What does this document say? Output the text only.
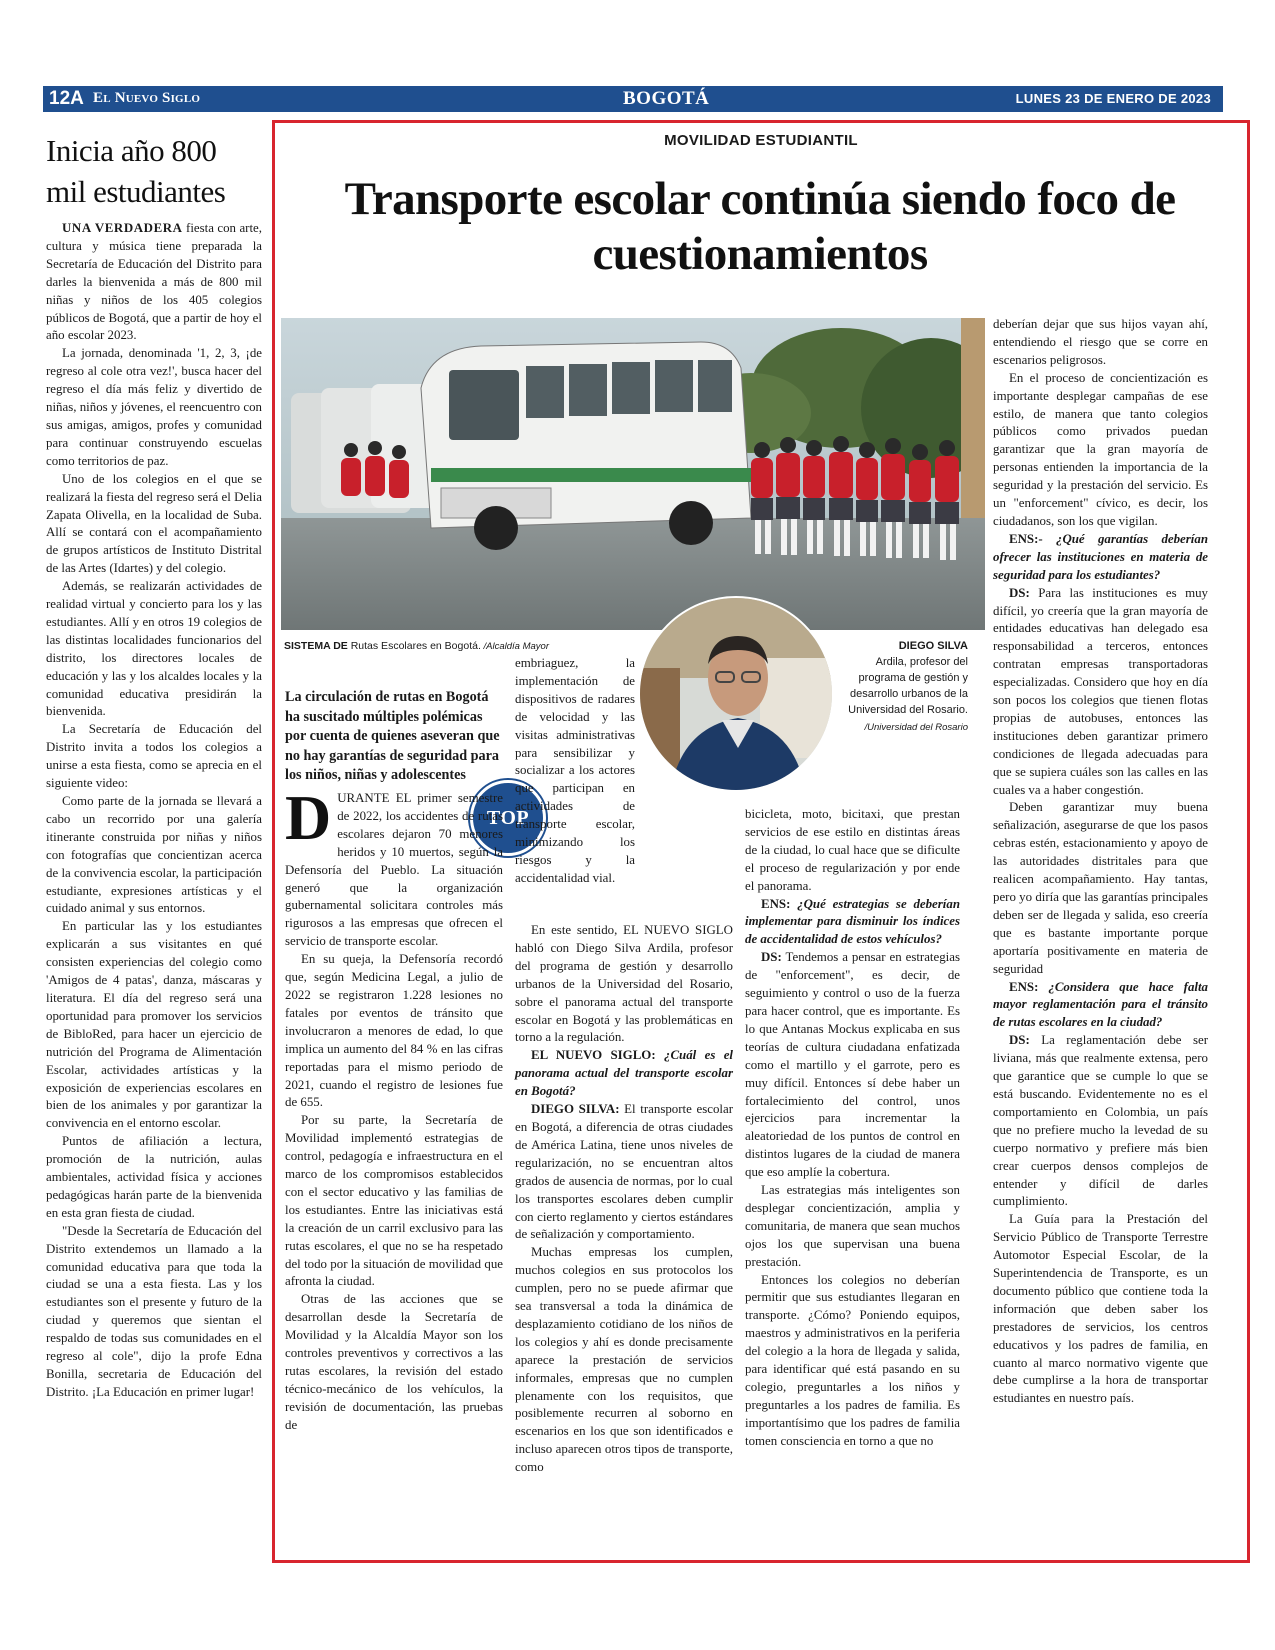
12A El Nuevo Siglo	BOGOTÁ	LUNES 23 DE ENERO DE 2023
Inicia año 800 mil estudiantes

UNA VERDADERA fiesta con arte, cultura y música tiene preparada la Secretaría de Educación del Distrito para darles la bienvenida a más de 800 mil niñas y niños de los 405 colegios públicos de Bogotá, que a partir de hoy el año escolar 2023.

La jornada, denominada '1, 2, 3, ¡de regreso al cole otra vez!', busca hacer del regreso el día más feliz y divertido de niñas, niños y jóvenes, el reencuentro con sus amigas, amigos, profes y comunidad para continuar construyendo escuelas como territorios de paz.

Uno de los colegios en el que se realizará la fiesta del regreso será el Delia Zapata Olivella, en la localidad de Suba. Allí se contará con el acompañamiento de grupos artísticos de Instituto Distrital de las Artes (Idartes) y del colegio.

Además, se realizarán actividades de realidad virtual y concierto para los y las estudiantes. Allí y en otros 19 colegios de las distintas localidades funcionarios del distrito, los directores locales de educación y las y los alcaldes locales y la comunidad educativa presidirán la bienvenida.

La Secretaría de Educación del Distrito invita a todos los colegios a unirse a esta fiesta, como se aprecia en el siguiente video:

Como parte de la jornada se llevará a cabo un recorrido por una galería itinerante construida por niñas y niños con fotografías que concientizan acerca de la convivencia escolar, la participación estudiante, expresiones artísticas y el cuidado animal y sus entornos.

En particular las y los estudiantes explicarán a sus visitantes en qué consisten experiencias del colegio como 'Amigos de 4 patas', danza, máscaras y literatura. El día del regreso será una oportunidad para promover los servicios de BibloRed, para hacer un ejercicio de nutrición del Programa de Alimentación Escolar, actividades artísticas y la exposición de experiencias escolares en bien de los animales y por garantizar la convivencia en el entorno escolar.

Puntos de afiliación a lectura, promoción de la nutrición, aulas ambientales, actividad física y acciones pedagógicas harán parte de la bienvenida en esta gran fiesta de ciudad.

"Desde la Secretaría de Educación del Distrito extendemos un llamado a la comunidad educativa para que toda la ciudad se una a esta fiesta. Las y los estudiantes son el presente y futuro de la ciudad y queremos que sientan el respaldo de todas sus comunidades en el regreso al cole", dijo la profe Edna Bonilla, secretaria de Educación del Distrito. ¡La Educación en primer lugar!

MOVILIDAD ESTUDIANTIL
Transporte escolar continúa siendo foco de cuestionamientos
SISTEMA DE Rutas Escolares en Bogotá. /Alcaldía Mayor	DIEGO SILVA
Ardila, profesor del programa de gestión y desarrollo urbanos de la Universidad del Rosario. /Universidad del Rosario
La circulación de rutas en Bogotá ha suscitado múltiples polémicas por cuenta de quienes aseveran que no hay garantías de seguridad para los niños, niñas y adolescentes
TOP

DURANTE EL primer semestre de 2022, los accidentes de rutas escolares dejaron 70 menores heridos y 10 muertos, según la Defensoría del Pueblo. La situación generó que la organización gubernamental solicitara controles más rigurosos a las empresas que ofrecen el servicio de transporte escolar.

En su queja, la Defensoría recordó que, según Medicina Legal, a julio de 2022 se registraron 1.228 lesiones no fatales por eventos de tránsito que involucraron a menores de edad, lo que implica un aumento del 84 % en las cifras reportadas para el mismo periodo de 2021, cuando el registro de lesiones fue de 655.

Por su parte, la Secretaría de Movilidad implementó estrategias de control, pedagogía e infraestructura en el marco de los compromisos establecidos con el sector educativo y las familias de los estudiantes. Entre las iniciativas está la creación de un carril exclusivo para las rutas escolares, el que no se ha respetado del todo por la situación de movilidad que afronta la ciudad.

Otras de las acciones que se desarrollan desde la Secretaría de Movilidad y la Alcaldía Mayor son los controles preventivos y correctivos a las rutas escolares, la revisión del estado técnico-mecánico de los vehículos, la revisión de documentación, las pruebas de

embriaguez, la implementación de dispositivos de radares de velocidad y las visitas administrativas para sensibilizar y socializar a los actores que participan en actividades de transporte escolar, minimizando los riesgos y la accidentalidad vial.

En este sentido, EL NUEVO SIGLO habló con Diego Silva Ardila, profesor del programa de gestión y desarrollo urbanos de la Universidad del Rosario, sobre el panorama actual del transporte escolar en Bogotá y las problemáticas en torno a la regulación.

EL NUEVO SIGLO: ¿Cuál es el panorama actual del transporte escolar en Bogotá?

DIEGO SILVA: El transporte escolar en Bogotá, a diferencia de otras ciudades de América Latina, tiene unos niveles de regularización, no se encuentran altos grados de ausencia de normas, por lo cual los transportes escolares deben cumplir con cierto reglamento y ciertos estándares de señalización y comportamiento.

Muchas empresas los cumplen, muchos colegios en sus protocolos los cumplen, pero no se puede afirmar que sea transversal a toda la dinámica de desplazamiento cotidiano de los niños de los colegios y ahí es donde precisamente aparece la prestación de servicios informales, empresas que no cumplen plenamente con los requisitos, que posiblemente recurren al soborno en escenarios en los que son identificados e incluso aparecen otros tipos de transporte, como

bicicleta, moto, bicitaxi, que prestan servicios de ese estilo en distintas áreas de la ciudad, lo cual hace que se dificulte el proceso de regularización y por ende el panorama.

ENS: ¿Qué estrategias se deberían implementar para disminuir los índices de accidentalidad de estos vehículos?

DS: Tendemos a pensar en estrategias de "enforcement", es decir, de seguimiento y control o uso de la fuerza para hacer control, que es importante. Es lo que Antanas Mockus explicaba en sus teorías de cultura ciudadana enfatizada como el martillo y el garrote, pero es muy difícil. Entonces sí debe haber un fortalecimiento del control, unos ejercicios para incrementar la aleatoriedad de los puntos de control en distintos lugares de la ciudad de manera que eso amplíe la cobertura.

Las estrategias más inteligentes son desplegar concientización, amplia y comunitaria, de manera que sean muchos ojos los que supervisan una buena prestación.

Entonces los colegios no deberían permitir que sus estudiantes llegaran en transporte. ¿Cómo? Poniendo equipos, maestros y administrativos en la periferia del colegio a la hora de llegada y salida, para identificar qué está pasando en su colegio, preguntarles a los niños y preguntarles a los padres de familia. Es importantísimo que los padres de familia tomen consciencia en torno a que no

deberían dejar que sus hijos vayan ahí, entendiendo el riesgo que se corre en escenarios peligrosos.

En el proceso de concientización es importante desplegar campañas de ese estilo, de manera que tanto colegios públicos como privados puedan garantizar que la gran mayoría de personas entienden la importancia de la seguridad y la prestación del servicio. Es un "enforcement" cívico, es decir, los ciudadanos, son los que vigilan.

ENS:- ¿Qué garantías deberían ofrecer las instituciones en materia de seguridad para los estudiantes?

DS: Para las instituciones es muy difícil, yo creería que la gran mayoría de entidades educativas han delegado esa responsabilidad a terceros, entonces contratan empresas transportadoras especializadas. Considero que hoy en día son pocos los colegios que tienen flotas propias de autobuses, entonces las instituciones deben garantizar primero condiciones de llegada adecuadas para que se supiera cuáles son las calles en las cuales va a haber congestión.

Deben garantizar muy buena señalización, asegurarse de que los pasos cebras estén, estacionamiento y apoyo de las autoridades distritales para que realicen acompañamiento. Hay tantas, pero yo diría que las garantías principales deben ser de llegada y salida, eso creería que es bastante importante porque aportaría positivamente en materia de seguridad

ENS: ¿Considera que hace falta mayor reglamentación para el tránsito de rutas escolares en la ciudad?

DS: La reglamentación debe ser liviana, más que realmente extensa, pero que garantice que se cumple lo que se está buscando. Evidentemente no es el comportamiento en Colombia, un país que no prefiere mucho la levedad de su cuerpo normativo y prefiere más bien crear cuerpos densos complejos de entender y difícil de darles cumplimiento.

La Guía para la Prestación del Servicio Público de Transporte Terrestre Automotor Especial Escolar, de la Superintendencia de Transporte, es un documento público que contiene toda la información que deben saber los prestadores de servicios, los centros educativos y los padres de familia, en cuanto al marco normativo vigente que debe cumplirse a la hora de transportar estudiantes en nuestro país.
